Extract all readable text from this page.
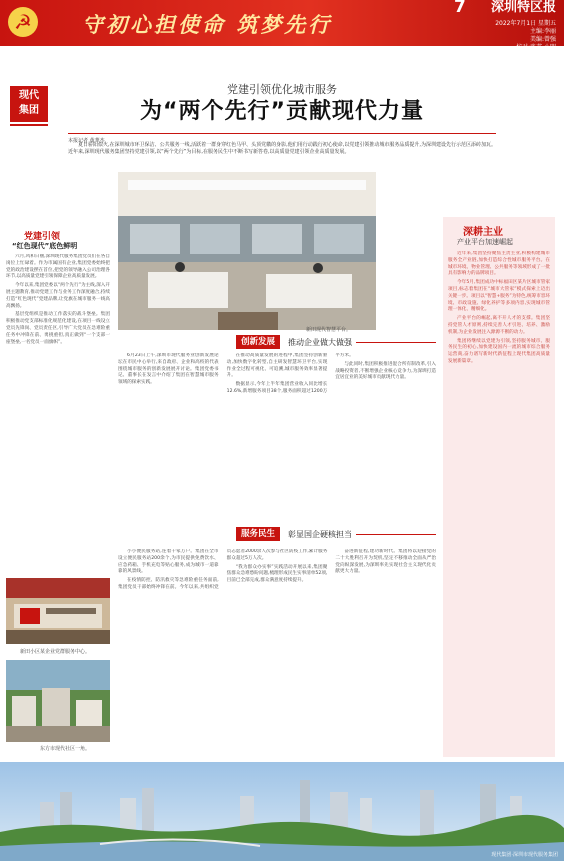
☭ 守初心担使命 筑梦先行
7	深圳特区报
2022年7月1日 星期五
主编:李丽
美编:曾强
校对:张艺·小明
现代
集团
党建引领优化城市服务
为“两个先行”贡献现代力量
本报记者 黄華杰
夏日骄阳似火,在深圳城市环卫保洁、公共服务一线,活跃着一群身穿红色马甲、头顶党徽的身影,他们用行动践行初心使命,以党建引领推动城市服务品质提升,为深圳建设先行示范区添砖加瓦。近年来,深圳现代服务集团坚持党建引领,以“两个先行”为目标,在服务民生中不断书写新答卷,以高质量党建引领企业高质量发展。
新田现代智慧平台。
党建引领
“红色现代”底色鲜明

六月,风和日丽,深圳现代服务集团党员们在各自岗位上忙碌着。作为市属国有企业,集团党委始终把党的政治建设摆在首位,把党的领导融入公司治理各环节,以高质量党建引领保障企业高质量发展。

今年以来,集团党委以“两个先行”为主线,深入开展主题教育,推动党建工作与业务工作深度融合,持续打造“红色现代”党建品牌,让党旗在城市服务一线高高飘扬。

基层党组织是推动工作落实的战斗堡垒。集团积极推动党支部标准化规范化建设,在项目一线设立党员先锋岗、党员责任区,引导广大党员在急难险重任务中冲锋在前、勇挑重担,真正做到“一个支部一座堡垒,一名党员一面旗帜”。

新田小区某企业党群服务中心。
东方市现代社区一角。
创新发展	推动企业做大做强

6月23日上午,深圳市现代服务业创新发展论坛在市民中心举行,来自政府、企业和高校的代表围绕城市服务的创新发展展开讨论。集团党委书记、董事长在发言中介绍了集团在智慧城市服务领域的探索实践。

在推动高质量发展的进程中,集团坚持创新驱动,加快数字化转型,自主研发智慧环卫平台,实现作业全过程可视化、可追溯,城市服务效率显著提升。

数据显示,今年上半年集团营业收入同比增长12.6%,新增服务项目38个,服务面积超过1200万平方米。

与此同时,集团积极推进混合所有制改革,引入战略投资者,不断增强企业核心竞争力,为深圳打造宜居宜业的美好城市贡献现代力量。

服务民生	彰显国企硬核担当

小小便民服务站,连着千家万户。集团在全市设立便民服务站200余个,为市民提供免费饮水、应急药箱、手机充电等贴心服务,成为城市一道靠靠的风景线。

在疫情防控、防汛救灾等急难险重任务面前,集团党员干部始终冲锋在前。今年以来,共组织党员志愿者2000余人次参与社区防疫工作,累计服务群众超过5万人次。

“我为群众办实事”实践活动开展以来,集团聚焦群众急难愁盼问题,梳理形成民生实事清单52项,目前已全部完成,群众满意度持续提升。

奋进新征程,建功新时代。集团将以迎接党的二十大胜利召开为契机,坚定不移推动全面从严治党向纵深发展,为深圳率先实现社会主义现代化贡献更大力量。

深耕主业
产业平台加速崛起

近年来,集团坚持聚焦主责主业,积极构建城市服务全产业链,加快打造综合性城市服务平台。在城市环境、物业管理、公共服务等领域形成了一批具有影响力的品牌项目。

今年5月,集团成功中标福田区某片区城市管家项目,标志着集团在“城市大管家”模式探索上迈出关键一步。项目以“智慧+服务”为特色,统筹市容环境、市政设施、绿化养护等多项内容,实现城市管理一体化、精细化。

产业平台的崛起,离不开人才的支撑。集团坚持党管人才原则,持续完善人才引进、培养、激励机制,为企业发展注入源源不断的动力。

集团将继续以党建为引领,坚持服务城市、服务民生的初心,加快建设国内一流的城市综合服务运营商,奋力谱写新时代新征程上现代集团高质量发展新篇章。

现代集团·深圳市现代服务集团
